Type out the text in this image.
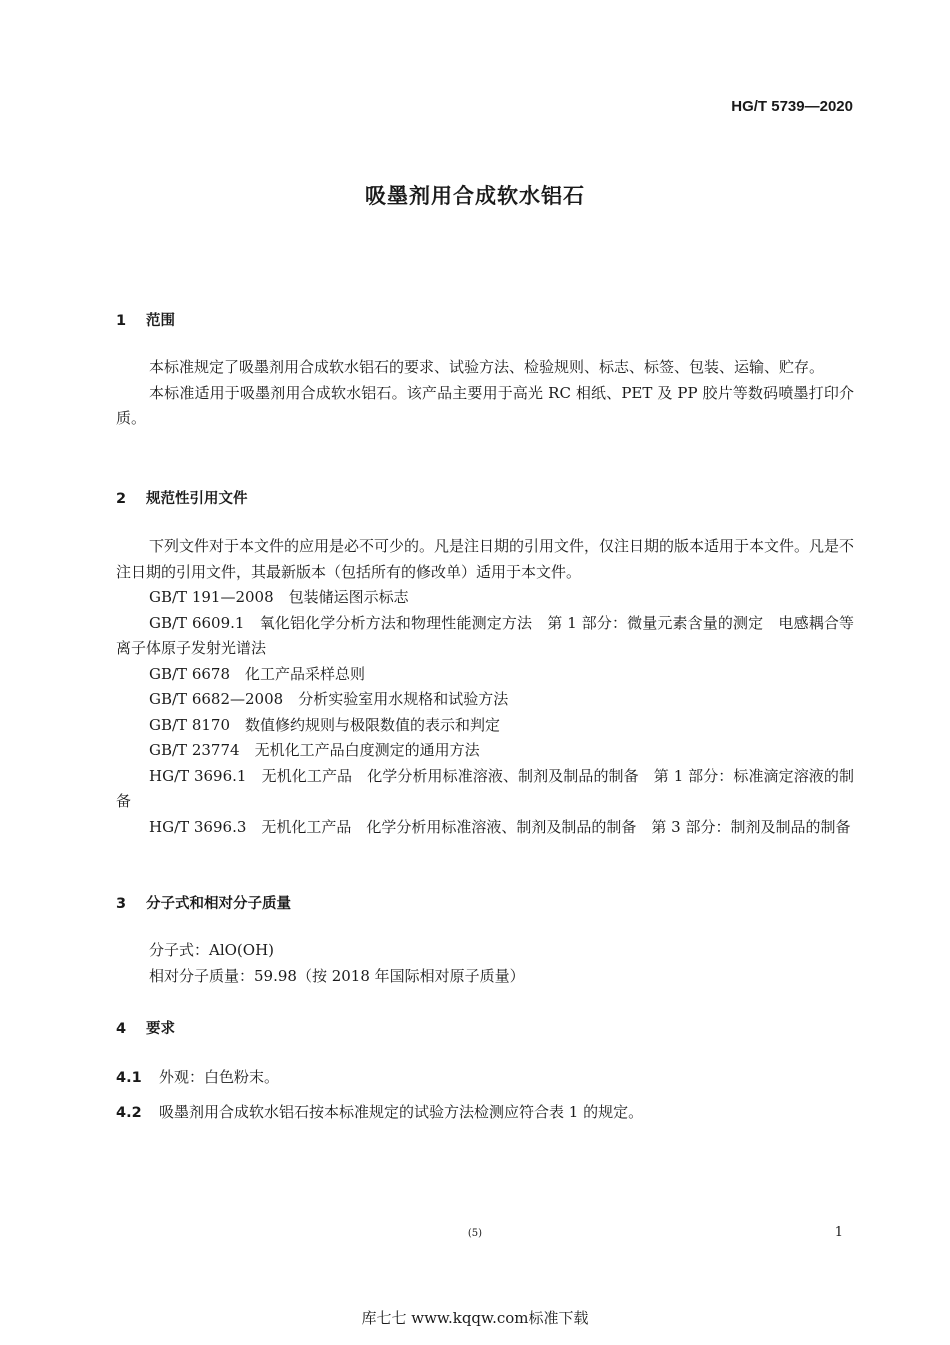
HG/T 5739—2020
吸墨剂用合成软水铝石
1 范围

本标准规定了吸墨剂用合成软水铝石的要求、试验方法、检验规则、标志、标签、包装、运输、贮存。

本标准适用于吸墨剂用合成软水铝石。该产品主要用于高光 RC 相纸、PET 及 PP 胶片等数码喷墨打印介质。

2 规范性引用文件

下列文件对于本文件的应用是必不可少的。凡是注日期的引用文件，仅注日期的版本适用于本文件。凡是不注日期的引用文件，其最新版本（包括所有的修改单）适用于本文件。

GB/T 191—2008　 包装储运图示标志

GB/T 6609.1　 氧化铝化学分析方法和物理性能测定方法　第 1 部分：微量元素含量的测定　电感耦合等离子体原子发射光谱法

GB/T 6678　 化工产品采样总则

GB/T 6682—2008　 分析实验室用水规格和试验方法

GB/T 8170　 数值修约规则与极限数值的表示和判定

GB/T 23774　 无机化工产品白度测定的通用方法

HG/T 3696.1　 无机化工产品　化学分析用标准溶液、制剂及制品的制备　第 1 部分：标准滴定溶液的制备

HG/T 3696.3　 无机化工产品　化学分析用标准溶液、制剂及制品的制备　第 3 部分：制剂及制品的制备

3 分子式和相对分子质量

分子式：AlO(OH)

相对分子质量：59.98（按 2018 年国际相对原子质量）

4 要求
4.1 外观：白色粉末。
4.2 吸墨剂用合成软水铝石按本标准规定的试验方法检测应符合表 1 的规定。
(5)	1
库七七 www.kqqw.com标准下载
